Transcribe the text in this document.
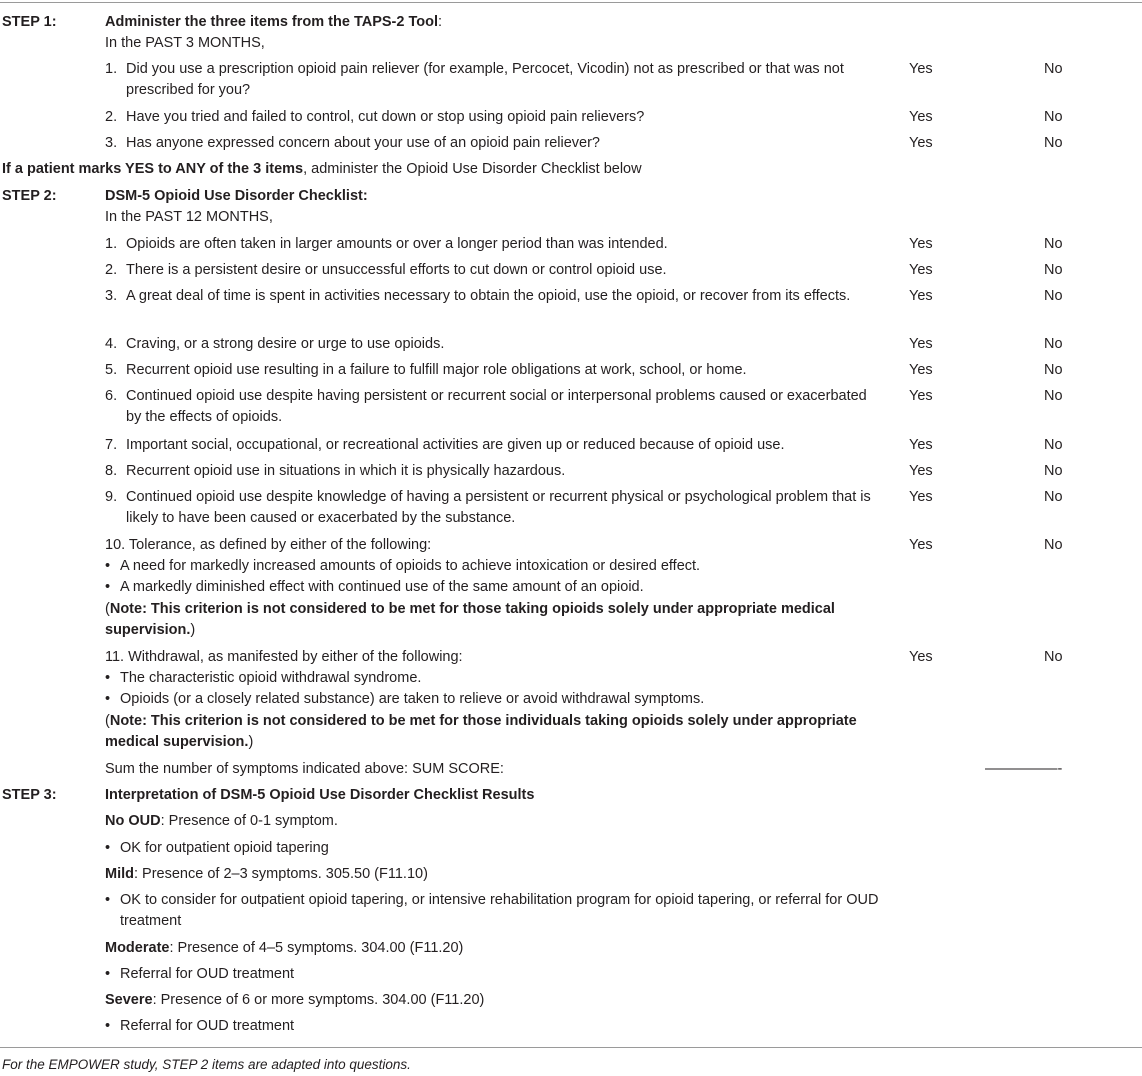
STEP 1:	Administer the three items from the TAPS-2 Tool:
In the PAST 3 MONTHS,
1. Did you use a prescription opioid pain reliever (for example, Percocet, Vicodin) not as prescribed or that was not prescribed for you?
Yes	No
2. Have you tried and failed to control, cut down or stop using opioid pain relievers?	Yes	No
3. Has anyone expressed concern about your use of an opioid pain reliever?	Yes	No
If a patient marks YES to ANY of the 3 items, administer the Opioid Use Disorder Checklist below
STEP 2:	DSM-5 Opioid Use Disorder Checklist:
In the PAST 12 MONTHS,
1. Opioids are often taken in larger amounts or over a longer period than was intended.	Yes	No
2. There is a persistent desire or unsuccessful efforts to cut down or control opioid use.	Yes	No
3. A great deal of time is spent in activities necessary to obtain the opioid, use the opioid, or recover from its effects.	Yes	No
4. Craving, or a strong desire or urge to use opioids.	Yes	No
5. Recurrent opioid use resulting in a failure to fulfill major role obligations at work, school, or home.	Yes	No
6. Continued opioid use despite having persistent or recurrent social or interpersonal problems caused or exacerbated by the effects of opioids.
Yes	No
7. Important social, occupational, or recreational activities are given up or reduced because of opioid use.	Yes	No
8. Recurrent opioid use in situations in which it is physically hazardous.	Yes	No
9. Continued opioid use despite knowledge of having a persistent or recurrent physical or psychological problem that is likely to have been caused or exacerbated by the substance.
Yes	No
10. Tolerance, as defined by either of the following:	Yes	No
• A need for markedly increased amounts of opioids to achieve intoxication or desired effect.
• A markedly diminished effect with continued use of the same amount of an opioid.
(Note: This criterion is not considered to be met for those taking opioids solely under appropriate medical supervision.)
11. Withdrawal, as manifested by either of the following:	Yes	No
• The characteristic opioid withdrawal syndrome.
• Opioids (or a closely related substance) are taken to relieve or avoid withdrawal symptoms.
(Note: This criterion is not considered to be met for those individuals taking opioids solely under appropriate medical supervision.)
Sum the number of symptoms indicated above: SUM SCORE:	—————-
STEP 3:	Interpretation of DSM-5 Opioid Use Disorder Checklist Results
No OUD: Presence of 0-1 symptom.
• OK for outpatient opioid tapering
Mild: Presence of 2–3 symptoms. 305.50 (F11.10)
• OK to consider for outpatient opioid tapering, or intensive rehabilitation program for opioid tapering, or referral for OUD treatment
Moderate: Presence of 4–5 symptoms. 304.00 (F11.20)
• Referral for OUD treatment
Severe: Presence of 6 or more symptoms. 304.00 (F11.20)
• Referral for OUD treatment
For the EMPOWER study, STEP 2 items are adapted into questions.
